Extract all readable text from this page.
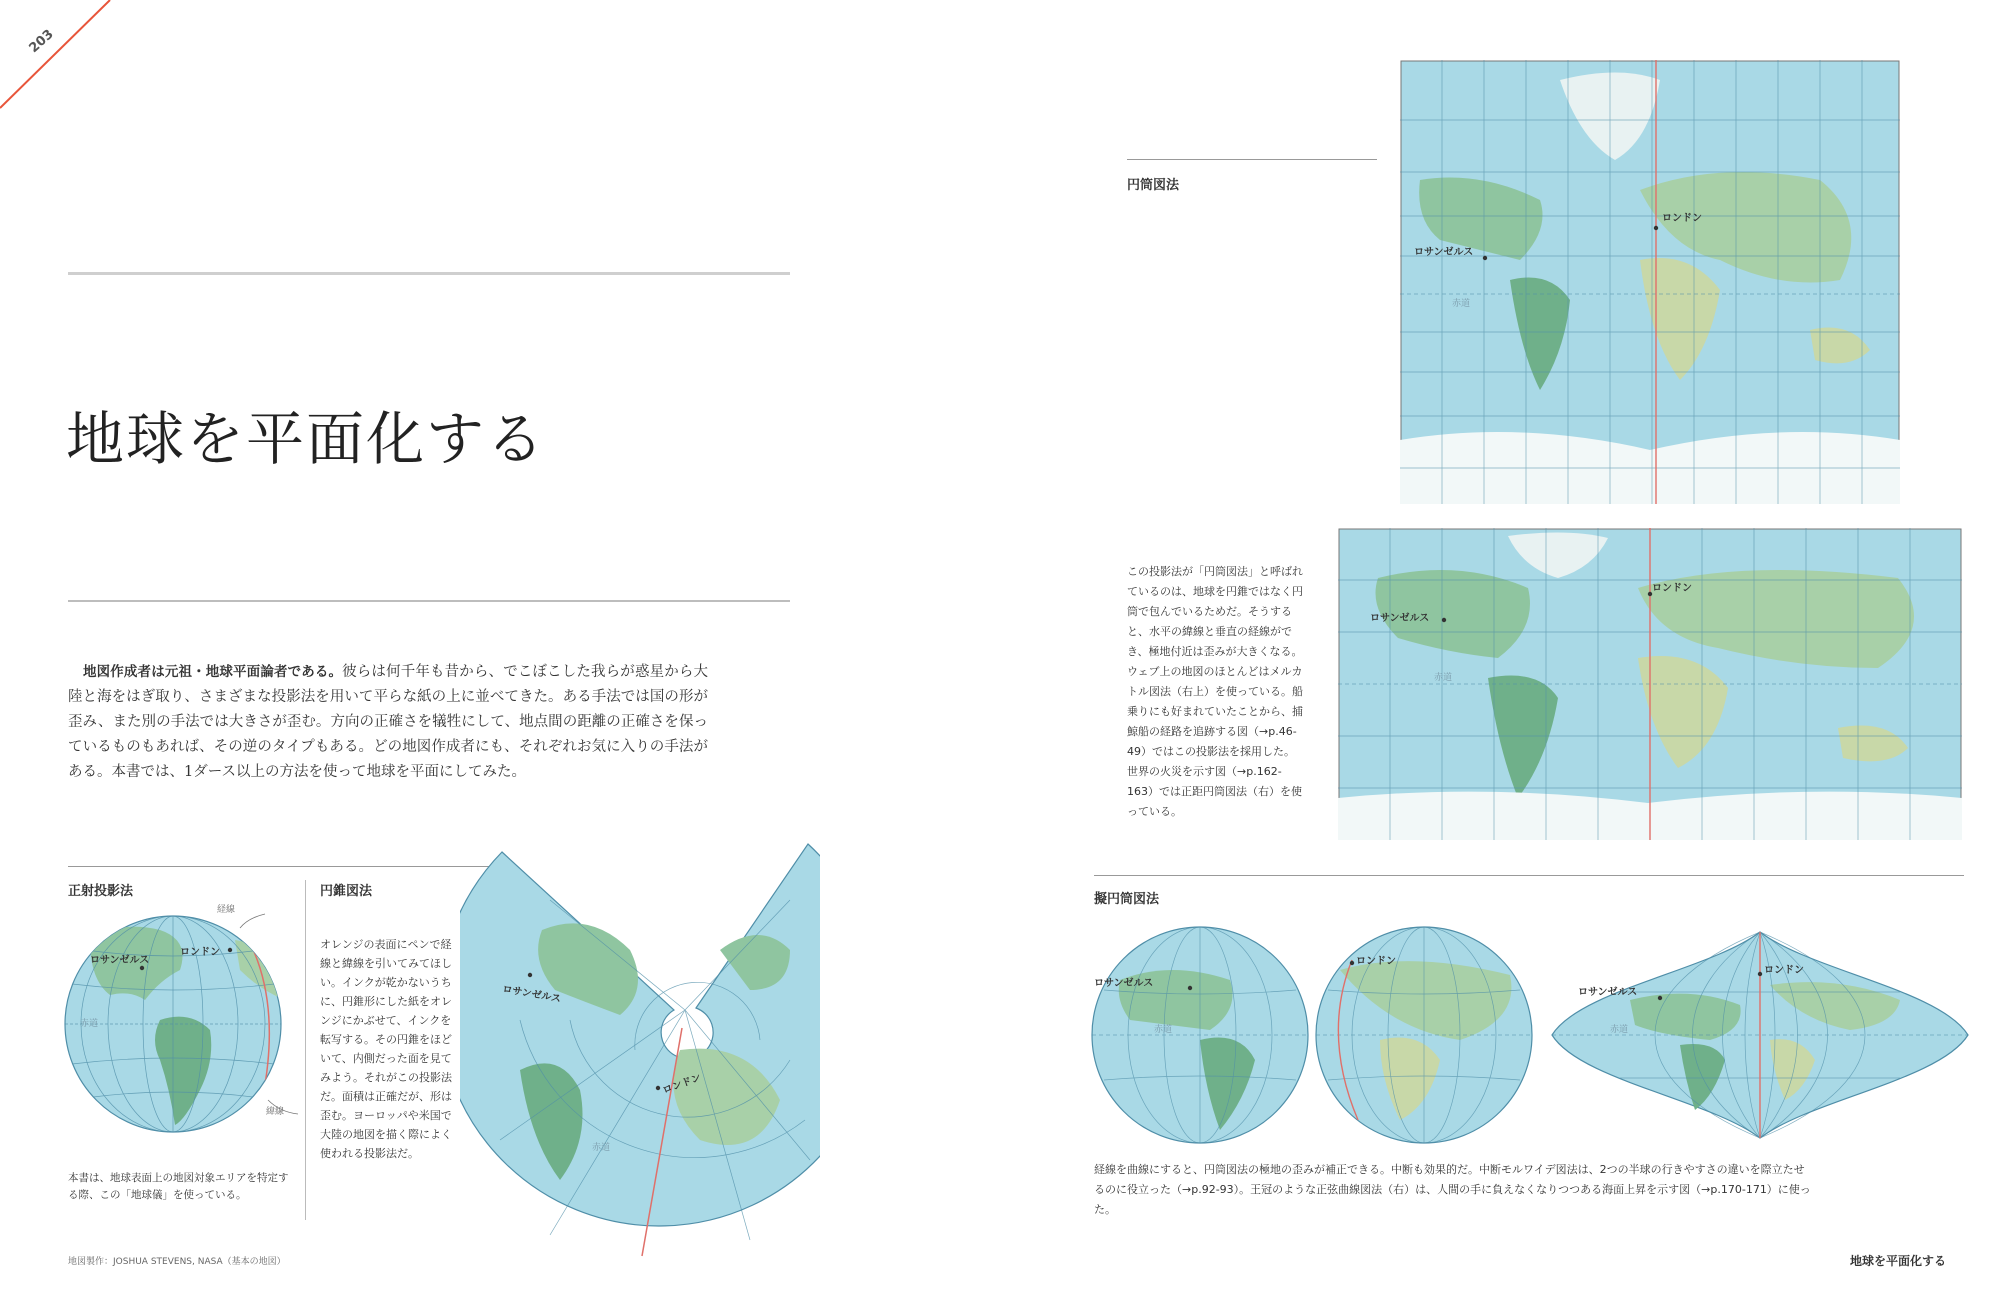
203
地球を平面化する

地図作成者は元祖・地球平面論者である。彼らは何千年も昔から、でこぼこした我らが惑星から大陸と海をはぎ取り、さまざまな投影法を用いて平らな紙の上に並べてきた。ある手法では国の形が歪み、また別の手法では大きさが歪む。方向の正確さを犠牲にして、地点間の距離の正確さを保っているものもあれば、その逆のタイプもある。どの地図作成者にも、それぞれお気に入りの手法がある。本書では、1ダース以上の方法を使って地球を平面にしてみた。

正射投影法
ロサンゼルス
ロンドン
赤道
経線
緯線

本書は、地球表面上の地図対象エリアを特定する際、この「地球儀」を使っている。

円錐図法

オレンジの表面にペンで経線と緯線を引いてみてほしい。インクが乾かないうちに、円錐形にした紙をオレンジにかぶせて、インクを転写する。その円錐をほどいて、内側だった面を見てみよう。それがこの投影法だ。面積は正確だが、形は歪む。ヨーロッパや米国で大陸の地図を描く際によく使われる投影法だ。

ロサンゼルス
ロンドン
赤道
地図製作：JOSHUA STEVENS, NASA（基本の地図）
円筒図法
ロサンゼルス
ロンドン
赤道

この投影法が「円筒図法」と呼ばれているのは、地球を円錐ではなく円筒で包んでいるためだ。そうすると、水平の緯線と垂直の経線ができ、極地付近は歪みが大きくなる。ウェブ上の地図のほとんどはメルカトル図法（右上）を使っている。船乗りにも好まれていたことから、捕鯨船の経路を追跡する図（→p.46-49）ではこの投影法を採用した。世界の火災を示す図（→p.162-163）では正距円筒図法（右）を使っている。

ロサンゼルス
ロンドン
赤道
擬円筒図法
ロサンゼルス
ロンドン
赤道
ロサンゼルス
ロンドン
赤道

経線を曲線にすると、円筒図法の極地の歪みが補正できる。中断も効果的だ。中断モルワイデ図法は、2つの半球の行きやすさの違いを際立たせるのに役立った（→p.92-93）。王冠のような正弦曲線図法（右）は、人間の手に負えなくなりつつある海面上昇を示す図（→p.170-171）に使った。

地球を平面化する
